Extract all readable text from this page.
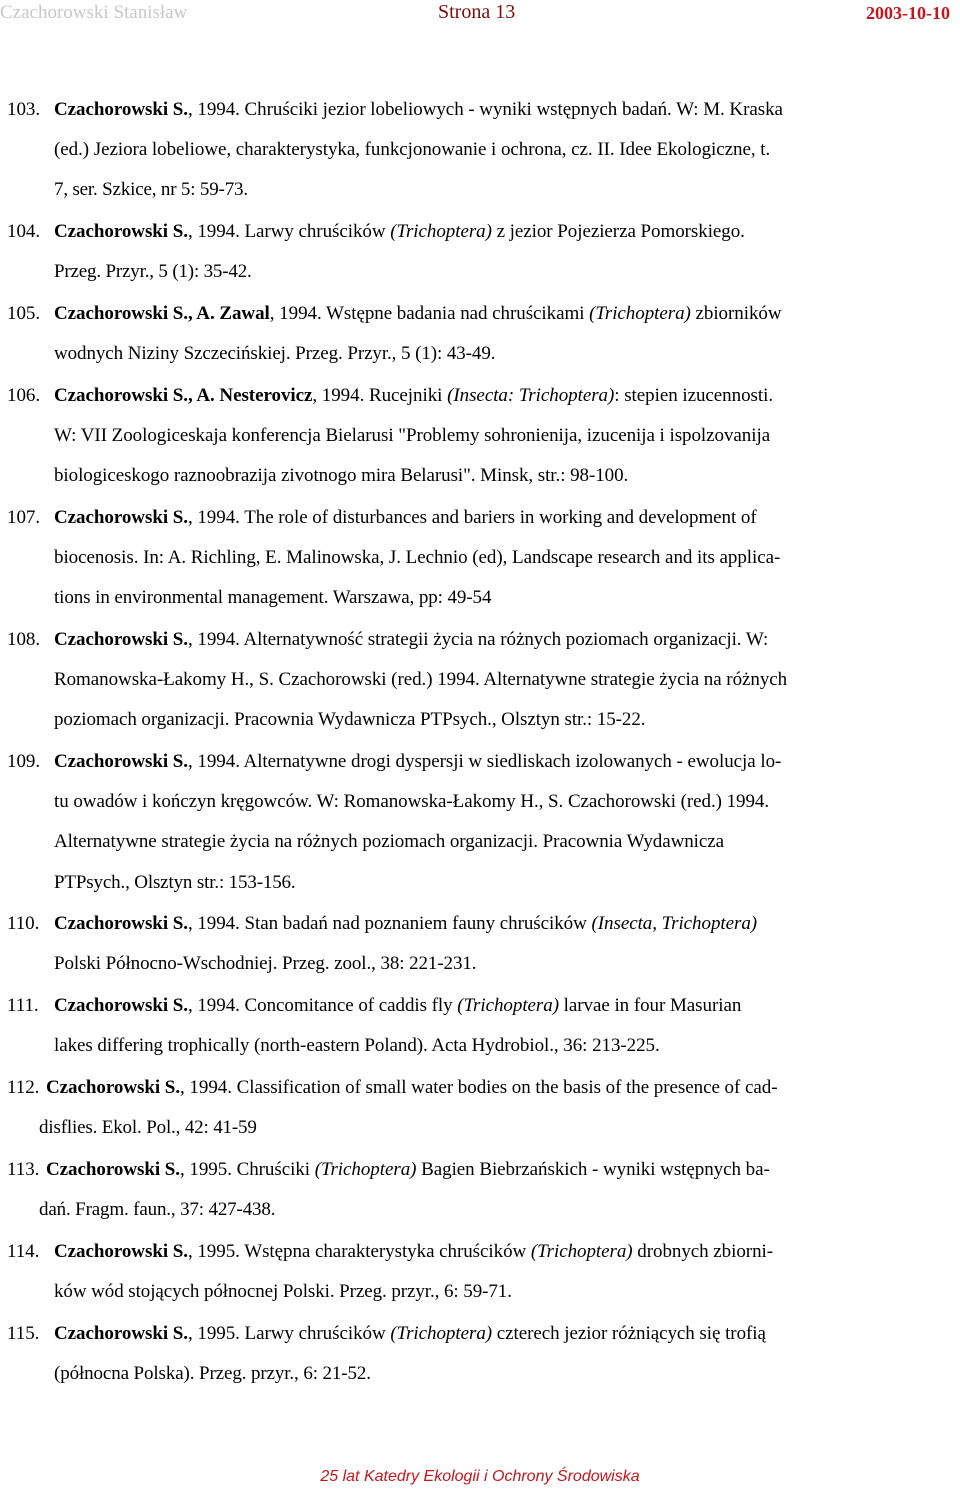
Czachorowski Stanisław	Strona 13	2003-10-10
103. Czachorowski S., 1994. Chruściki jezior lobeliowych - wyniki wstępnych badań. W: M. Kraska
(ed.) Jeziora lobeliowe, charakterystyka, funkcjonowanie i ochrona, cz. II. Idee Ekologiczne, t.
7, ser. Szkice, nr 5: 59-73.
104. Czachorowski S., 1994. Larwy chruścików (Trichoptera) z jezior Pojezierza Pomorskiego.
Przeg. Przyr., 5 (1): 35-42.
105. Czachorowski S., A. Zawal, 1994. Wstępne badania nad chruścikami (Trichoptera) zbiorników
wodnych Niziny Szczecińskiej. Przeg. Przyr., 5 (1): 43-49.
106. Czachorowski S., A. Nesterovicz, 1994. Rucejniki (Insecta: Trichoptera): stepien izucennosti.
W: VII Zoologiceskaja konferencja Bielarusi "Problemy sohronienija, izucenija i ispolzovanija
biologiceskogo raznoobrazija zivotnogo mira Belarusi". Minsk, str.: 98-100.
107. Czachorowski S., 1994. The role of disturbances and bariers in working and development of
biocenosis. In: A. Richling, E. Malinowska, J. Lechnio (ed), Landscape research and its applica-
tions in environmental management. Warszawa, pp: 49-54
108. Czachorowski S., 1994. Alternatywność strategii życia na różnych poziomach organizacji. W:
Romanowska-Łakomy H., S. Czachorowski (red.) 1994. Alternatywne strategie życia na różnych
poziomach organizacji. Pracownia Wydawnicza PTPsych., Olsztyn str.: 15-22.
109. Czachorowski S., 1994. Alternatywne drogi dyspersji w siedliskach izolowanych - ewolucja lo-
tu owadów i kończyn kręgowców. W: Romanowska-Łakomy H., S. Czachorowski (red.) 1994.
Alternatywne strategie życia na różnych poziomach organizacji. Pracownia Wydawnicza
PTPsych., Olsztyn str.: 153-156.
110. Czachorowski S., 1994. Stan badań nad poznaniem fauny chruścików (Insecta, Trichoptera)
Polski Północno-Wschodniej. Przeg. zool., 38: 221-231.
111. Czachorowski S., 1994. Concomitance of caddis fly (Trichoptera) larvae in four Masurian
lakes differing trophically (north-eastern Poland). Acta Hydrobiol., 36: 213-225.
112. Czachorowski S., 1994. Classification of small water bodies on the basis of the presence of cad-
disflies. Ekol. Pol., 42: 41-59
113. Czachorowski S., 1995. Chruściki (Trichoptera) Bagien Biebrzańskich - wyniki wstępnych ba-
dań. Fragm. faun., 37: 427-438.
114. Czachorowski S., 1995. Wstępna charakterystyka chruścików (Trichoptera) drobnych zbiorni-
ków wód stojących północnej Polski. Przeg. przyr., 6: 59-71.
115. Czachorowski S., 1995. Larwy chruścików (Trichoptera) czterech jezior różniących się trofią
(północna Polska). Przeg. przyr., 6: 21-52.
25 lat Katedry Ekologii i Ochrony Środowiska
